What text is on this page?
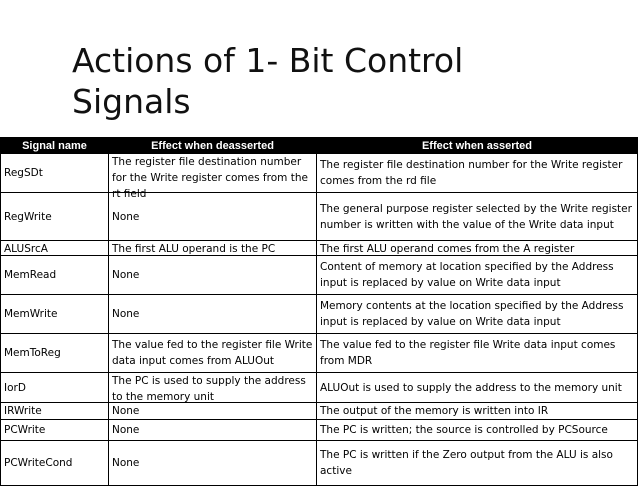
Actions of 1- Bit Control Signals
Signal name	Effect when deasserted	Effect when asserted

RegSDt	The register file destination number for the Write register comes from the rt field	The register file destination number for the Write register comes from the rd file

RegWrite	None	The general purpose register selected by the Write register number is written with the value of the Write data input

ALUSrcA	The first ALU operand is the PC	The first ALU operand comes from the A register

MemRead	None	Content of memory at location specified by the Address input is replaced by value on Write data input

MemWrite	None	Memory contents at the location specified by the Address input is replaced by value on Write data input

MemToReg	The value fed to the register file Write data input comes from ALUOut	The value fed to the register file Write data input comes from MDR

IorD	The PC is used to supply the address to the memory unit	ALUOut is used to supply the address to the memory unit

IRWrite	None	The output of the memory is written into IR

PCWrite	None	The PC is written; the source is controlled by PCSource

PCWriteCond	None	The PC is written if the Zero output from the ALU is also active
